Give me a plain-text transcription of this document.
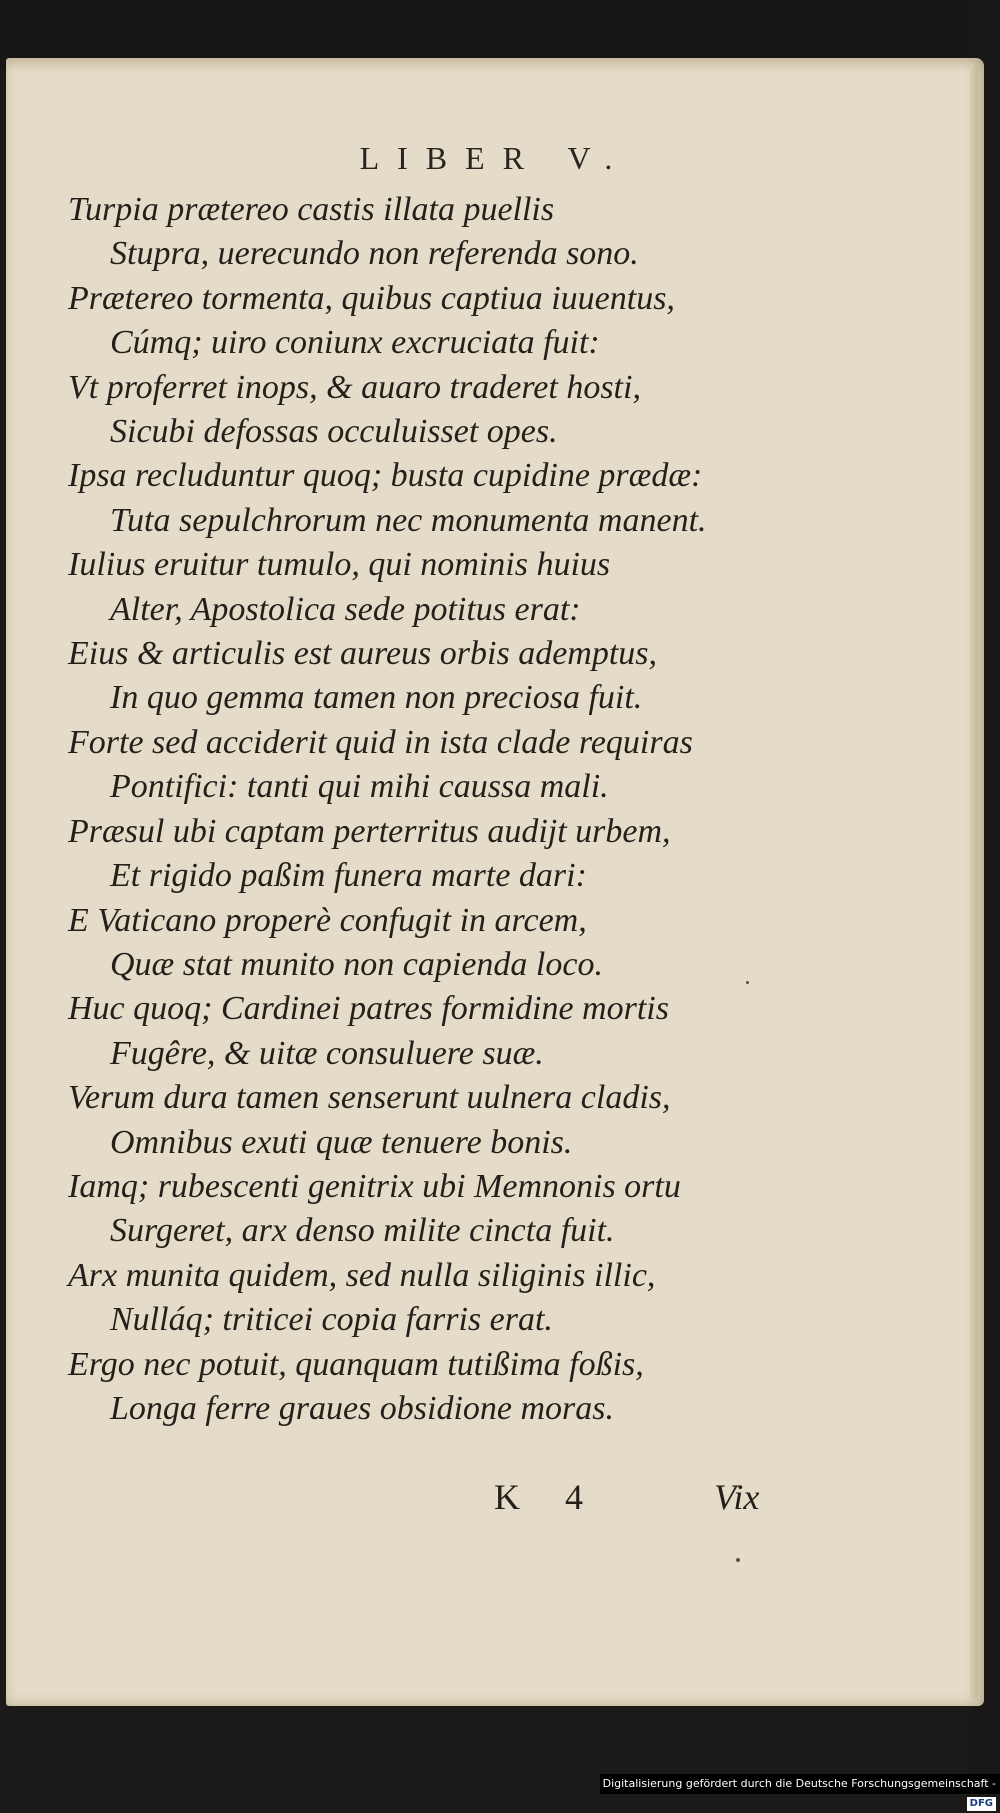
LIBER V.
Turpia prætereo castis illata puellis
Stupra, uerecundo non referenda sono.
Prætereo tormenta, quibus captiua iuuentus,
Cúmq; uiro coniunx excruciata fuit:
Vt proferret inops, & auaro traderet hosti,
Sicubi defossas occuluisset opes.
Ipsa recluduntur quoq; busta cupidine prædæ:
Tuta sepulchrorum nec monumenta manent.
Iulius eruitur tumulo, qui nominis huius
Alter, Apostolica sede potitus erat:
Eius & articulis est aureus orbis ademptus,
In quo gemma tamen non preciosa fuit.
Forte sed acciderit quid in ista clade requiras
Pontifici: tanti qui mihi caussa mali.
Præsul ubi captam perterritus audijt urbem,
Et rigido paßim funera marte dari:
E Vaticano properè confugit in arcem,
Quæ stat munito non capienda loco.
Huc quoq; Cardinei patres formidine mortis
Fugêre, & uitæ consuluere suæ.
Verum dura tamen senserunt uulnera cladis,
Omnibus exuti quæ tenuere bonis.
Iamq; rubescenti genitrix ubi Memnonis ortu
Surgeret, arx denso milite cincta fuit.
Arx munita quidem, sed nulla siliginis illic,
Nulláq; triticei copia farris erat.
Ergo nec potuit, quanquam tutißima foßis,
Longa ferre graues obsidione moras.
K 4	Vix
Digitalisierung gefördert durch die Deutsche Forschungsgemeinschaft -DFG
